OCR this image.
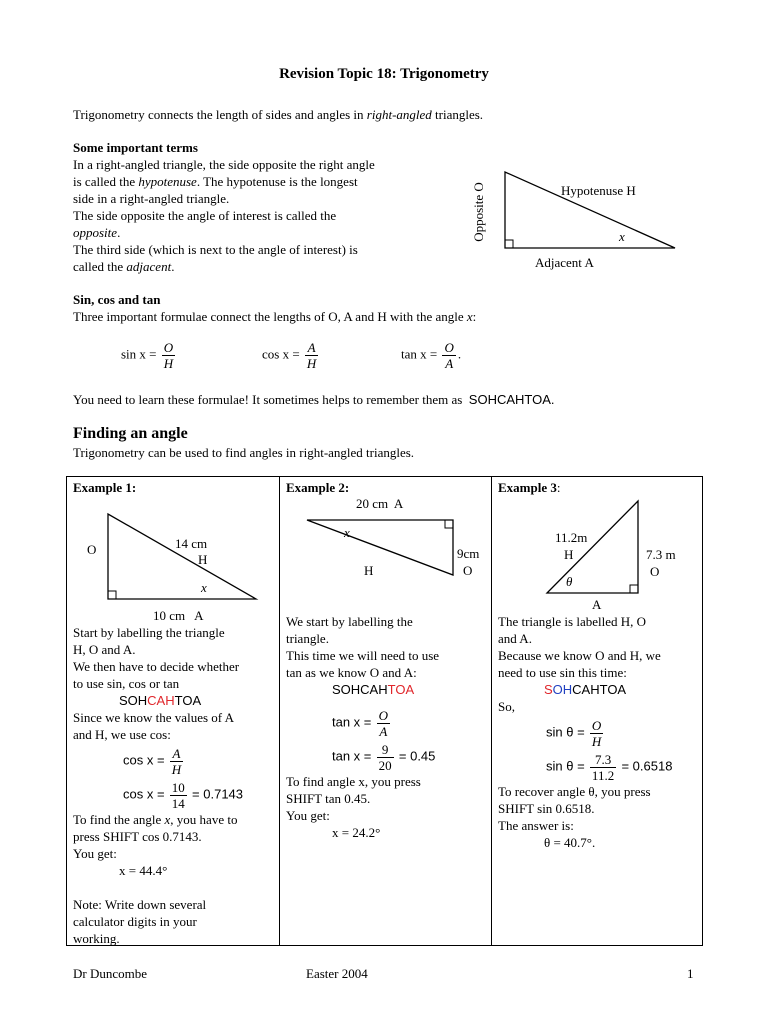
Revision Topic 18: Trigonometry
Trigonometry connects the length of sides and angles in right-angled triangles.
Some important terms
In a right-angled triangle, the side opposite the right angle
is called the hypotenuse. The hypotenuse is the longest
side in a right-angled triangle.
The side opposite the angle of interest is called the
opposite.
The third side (which is next to the angle of interest) is
called the adjacent.
Opposite O	Hypotenuse H
x
Adjacent A
Sin, cos and tan
Three important formulae connect the lengths of O, A and H with the angle x:
$\sin x = \frac{O}{H}$	$\cos x = \frac{A}{H}$	$\tan x = \frac{O}{A}$ .
You need to learn these formulae! It sometimes helps to remember them as SOHCAHTOA.
Finding an angle
Trigonometry can be used to find angles in right-angled triangles.
Example 1:
O	14 cm
H
x
10 cm   A
Start by labelling the triangle
H, O and A.
We then have to decide whether
to use sin, cos or tan
SOHCAHTOA
Since we know the values of A
and H, we use cos:
$\cos x = \frac{A}{H}$
$\cos x = \frac{10}{14} = 0.7143$
To find the angle x, you have to
press SHIFT cos 0.7143.
You get:
x = 44.4°
Note: Write down several
calculator digits in your
working.

Example 2:
20 cm  A
x
H
9cm
O
We start by labelling the
triangle.
This time we will need to use
tan as we know O and A:
SOHCAHTOA
$\tan x = \frac{O}{A}$
$\tan x = \frac{9}{20} = 0.45$
To find angle x, you press
SHIFT tan 0.45.
You get:
x = 24.2°

Example 3:
11.2m
H	7.3 m
O
θ
A
The triangle is labelled H, O
and A.
Because we know O and H, we
need to use sin this time:
SOHCAHTOA
So,
$\sin \theta = \frac{O}{H}$
$\sin \theta = \frac{7.3}{11.2} = 0.6518$
To recover angle θ, you press
SHIFT sin 0.6518.
The answer is:
θ = 40.7°.
Dr Duncombe	Easter 2004	1
